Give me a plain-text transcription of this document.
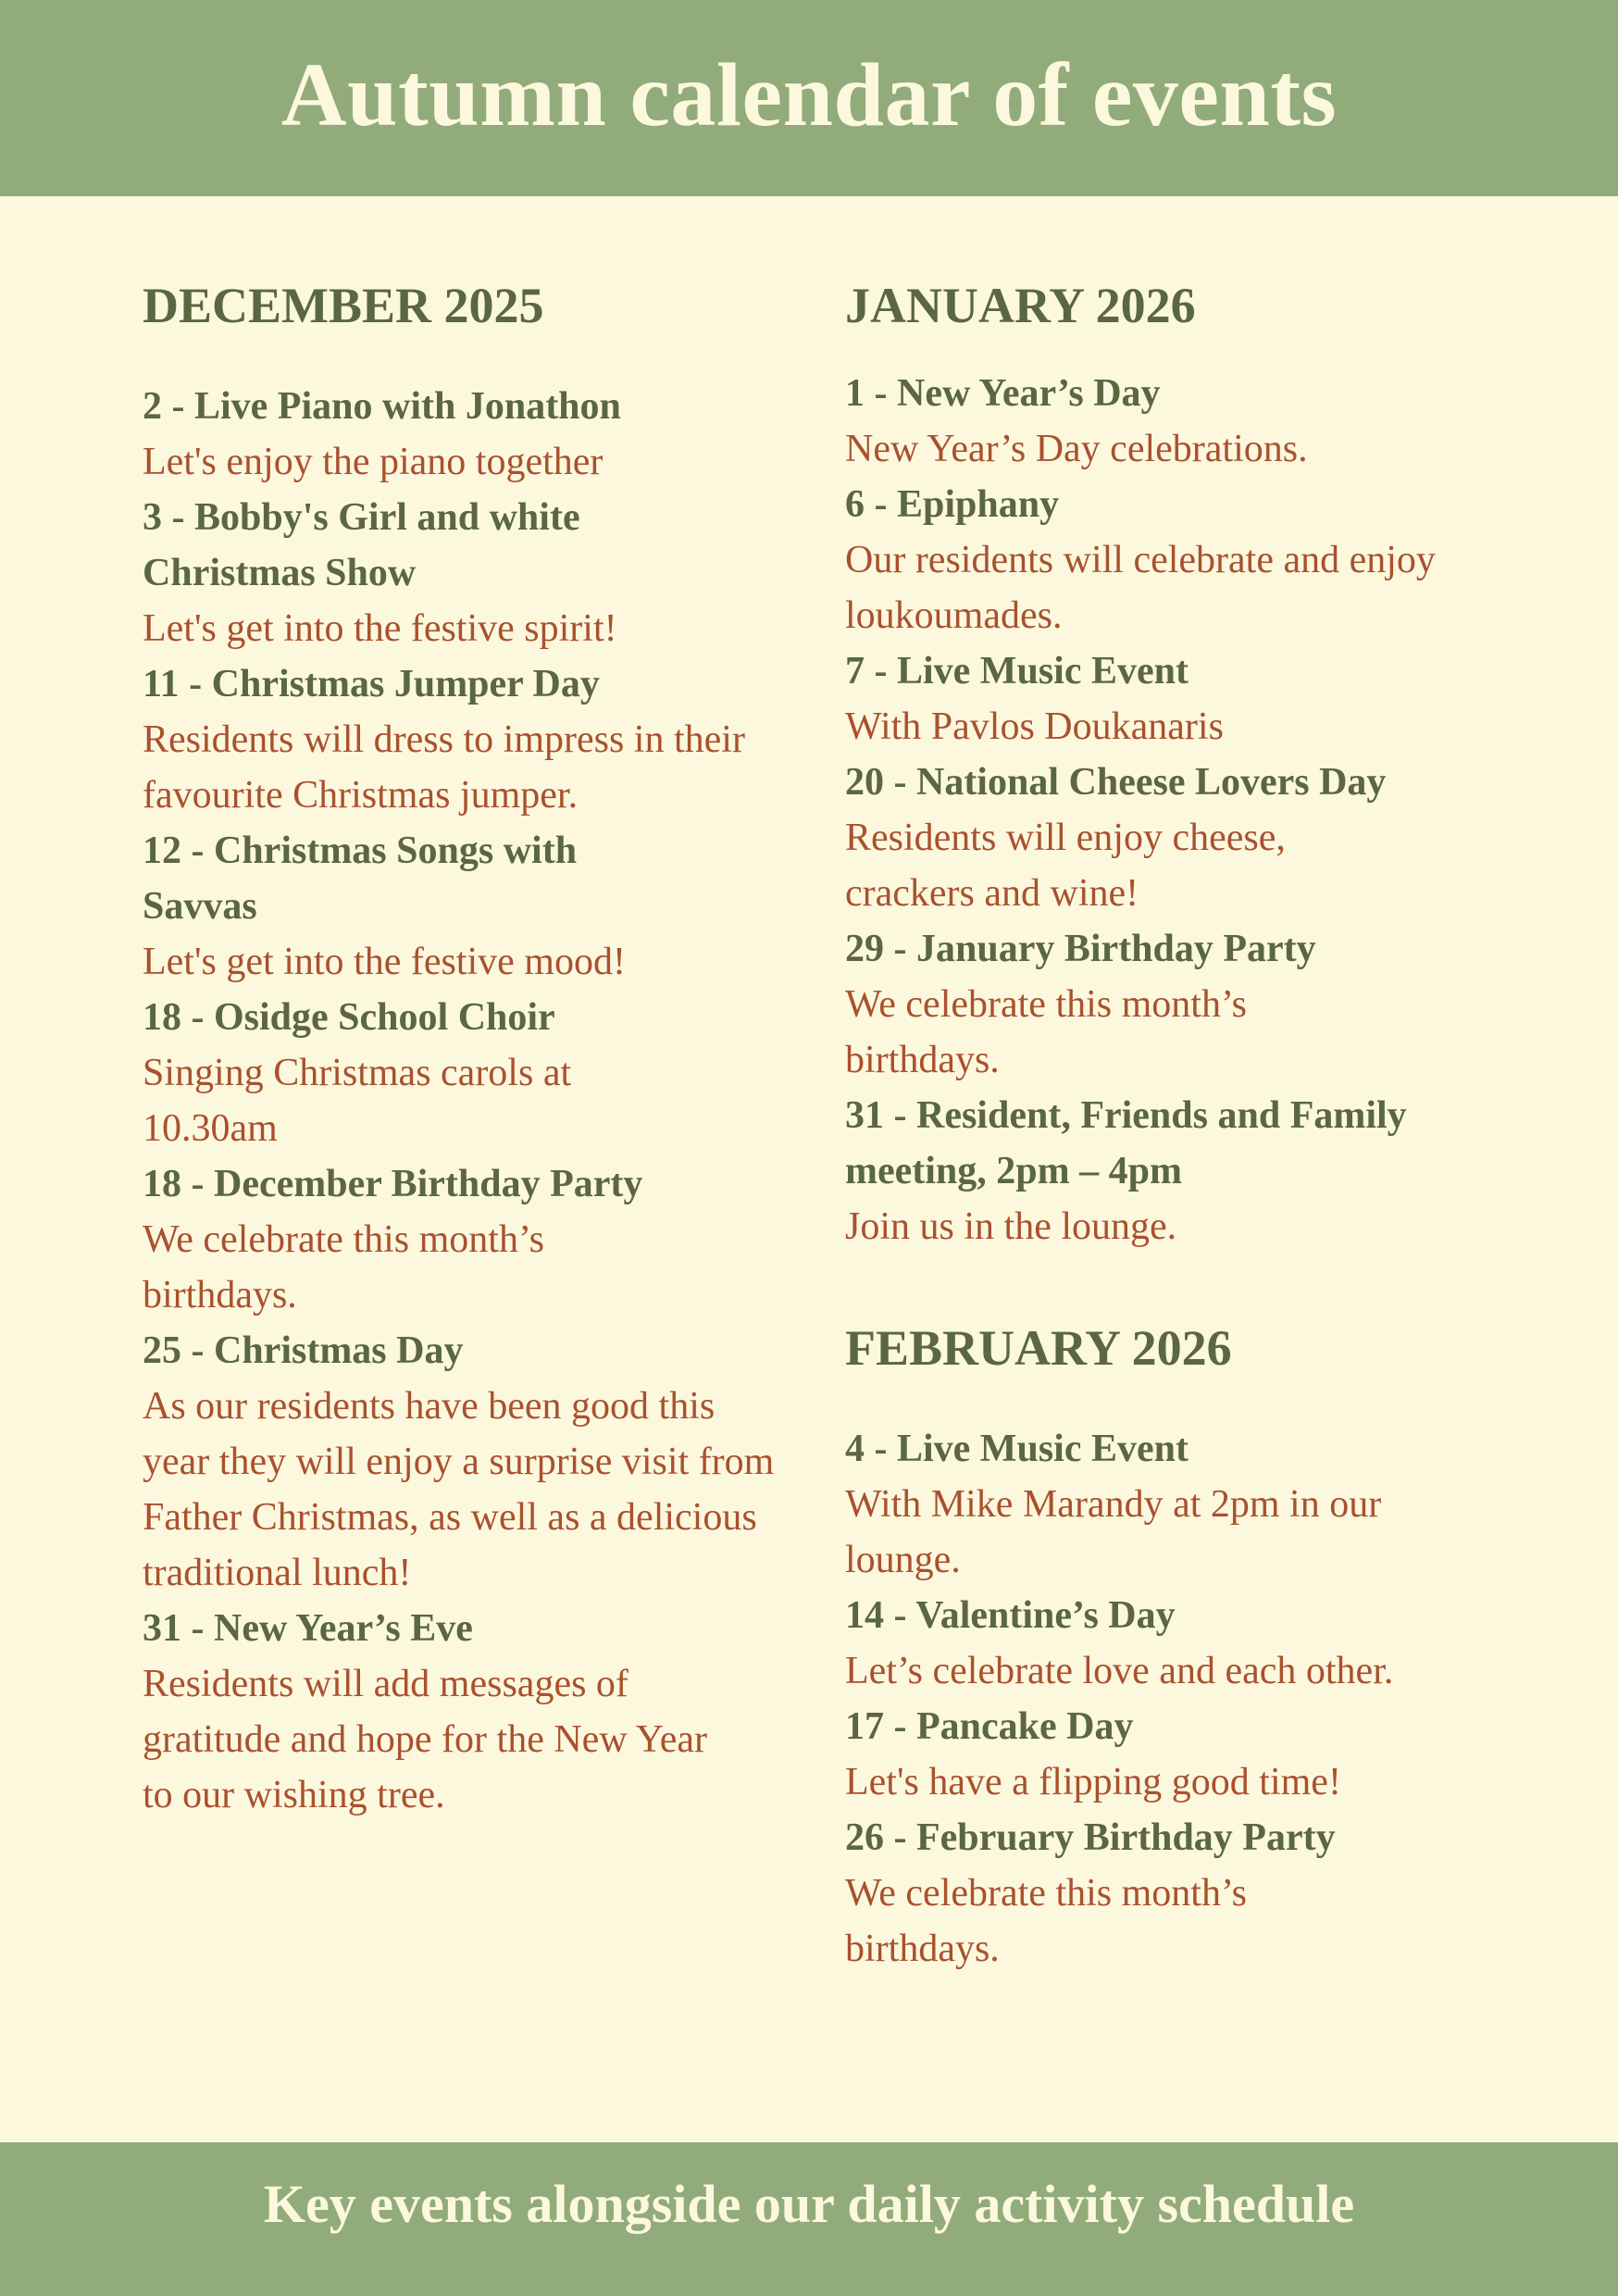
Autumn calendar of events
DECEMBER 2025
2 - Live Piano with Jonathon
Let's enjoy the piano together
3 - Bobby's Girl and white Christmas Show
Let's get into the festive spirit!
11 - Christmas Jumper Day
Residents will dress to impress in their favourite Christmas jumper.
12 - Christmas Songs with Savvas
Let's get into the festive mood!
18 - Osidge School Choir
Singing Christmas carols at 10.30am
18 - December Birthday Party
We celebrate this month’s birthdays.
25 - Christmas Day
As our residents have been good this year they will enjoy a surprise visit from Father Christmas, as well as a delicious traditional lunch!
31 - New Year’s Eve
Residents will add messages of gratitude and hope for the New Year to our wishing tree.
JANUARY 2026
1 - New Year’s Day
New Year’s Day celebrations.
6 - Epiphany
Our residents will celebrate and enjoy loukoumades.
7 - Live Music Event
With Pavlos Doukanaris
20 - National Cheese Lovers Day
Residents will enjoy cheese, crackers and wine!
29 - January Birthday Party
We celebrate this month’s birthdays.
31 - Resident, Friends and Family meeting, 2pm – 4pm
Join us in the lounge.
FEBRUARY 2026
4 - Live Music Event
With Mike Marandy at 2pm in our lounge.
14 - Valentine’s Day
Let’s celebrate love and each other.
17 - Pancake Day
Let's have a flipping good time!
26 - February Birthday Party
We celebrate this month’s birthdays.
Key events alongside our daily activity schedule
